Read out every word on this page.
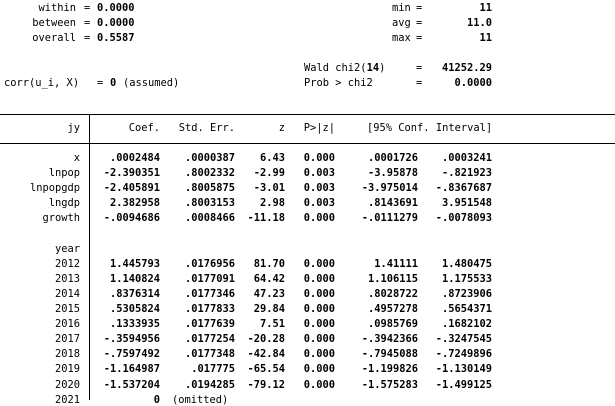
within = 0.0000
between = 0.0000
overall = 0.5587
min =	11
avg =	11.0
max =	11
Wald chi2(14)	=	41252.29
Prob > chi2	=	0.0000
corr(u_i, X) = 0 (assumed)
jy	Coef.	Std. Err.	z	P>|z|	[95% Conf. Interval]
x	.0002484	.0000387	6.43	0.000	.0001726	.0003241
lnpop	-2.390351	.8002332	-2.99	0.003	-3.95878	-.821923
lnpopgdp	-2.405891	.8005875	-3.01	0.003	-3.975014	-.8367687
lngdp	2.382958	.8003153	2.98	0.003	.8143691	3.951548
growth	-.0094686	.0008466	-11.18	0.000	-.0111279	-.0078093
year
2012	1.445793	.0176956	81.70	0.000	1.41111	1.480475
2013	1.140824	.0177091	64.42	0.000	1.106115	1.175533
2014	.8376314	.0177346	47.23	0.000	.8028722	.8723906
2015	.5305824	.0177833	29.84	0.000	.4957278	.5654371
2016	.1333935	.0177639	7.51	0.000	.0985769	.1682102
2017	-.3594956	.0177254	-20.28	0.000	-.3942366	-.3247545
2018	-.7597492	.0177348	-42.84	0.000	-.7945088	-.7249896
2019	-1.164987	.017775	-65.54	0.000	-1.199826	-1.130149
2020	-1.537204	.0194285	-79.12	0.000	-1.575283	-1.499125
2021	0 (omitted)
